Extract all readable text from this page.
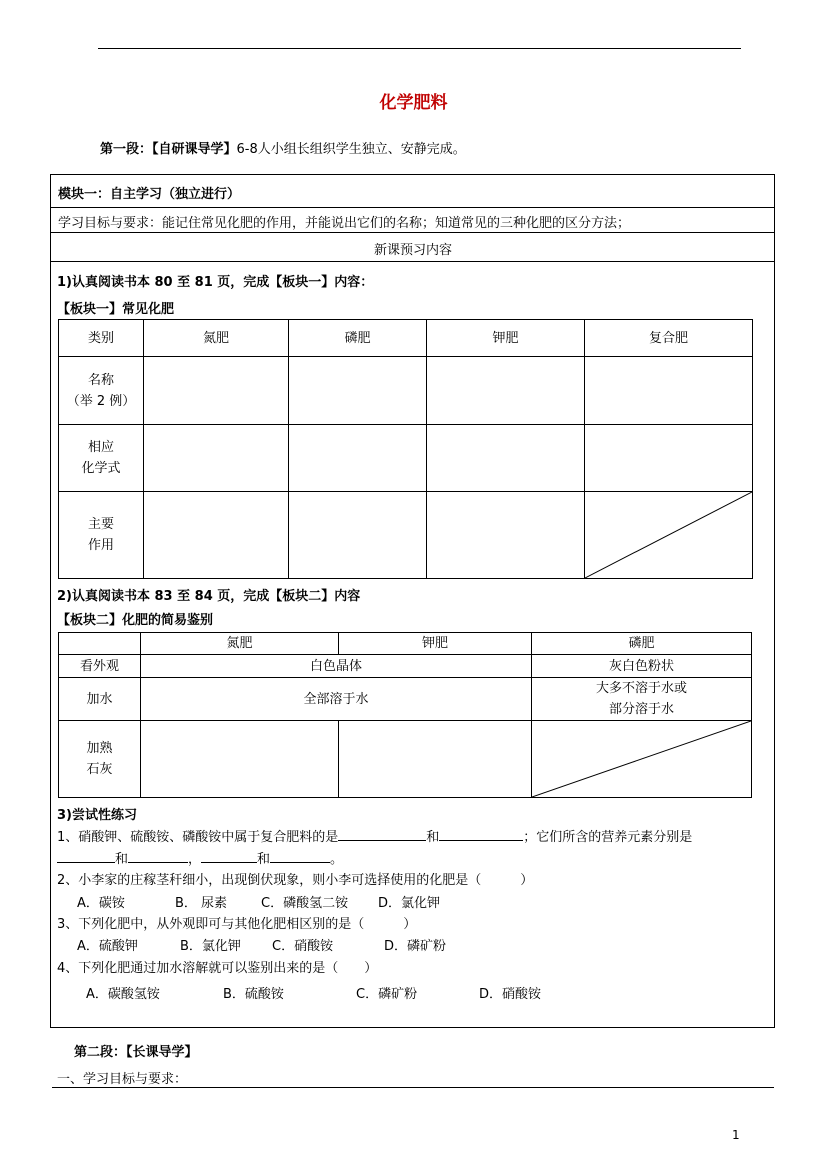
化学肥料
第一段：【自研课导学】6-8人小组长组织学生独立、安静完成。
模块一：自主学习（独立进行）
学习目标与要求：能记住常见化肥的作用，并能说出它们的名称；知道常见的三种化肥的区分方法；
新课预习内容
1)认真阅读书本 80 至 81 页，完成【板块一】内容：
【板块一】常见化肥
类别	氮肥	磷肥	钾肥	复合肥

名称
（举 2 例）				

相应
化学式				

主要
作用

2)认真阅读书本 83 至 84 页，完成【板块二】内容
【板块二】化肥的简易鉴别
	氮肥	钾肥	磷肥
看外观	白色晶体		灰白色粉状
加水	全部溶于水		大多不溶于水或
部分溶于水

加熟
石灰

3)尝试性练习
1、硝酸钾、硫酸铵、磷酸铵中属于复合肥料的是	和	；它们所含的营养元素分别是
和	，	和	。
2、小李家的庄稼茎秆细小，出现倒伏现象，则小李可选择使用的化肥是（　　　）
A．碳铵	B． 尿素	C．磷酸氢二铵 D．氯化钾
3、下列化肥中，从外观即可与其他化肥相区别的是（　　　）
A．硫酸钾	B．氯化钾 C．硝酸铵	D．磷矿粉
4、下列化肥通过加水溶解就可以鉴别出来的是（　　）
A．碳酸氢铵	B．硫酸铵	C．磷矿粉	D．硝酸铵
第二段：【长课导学】
一、学习目标与要求：
1
